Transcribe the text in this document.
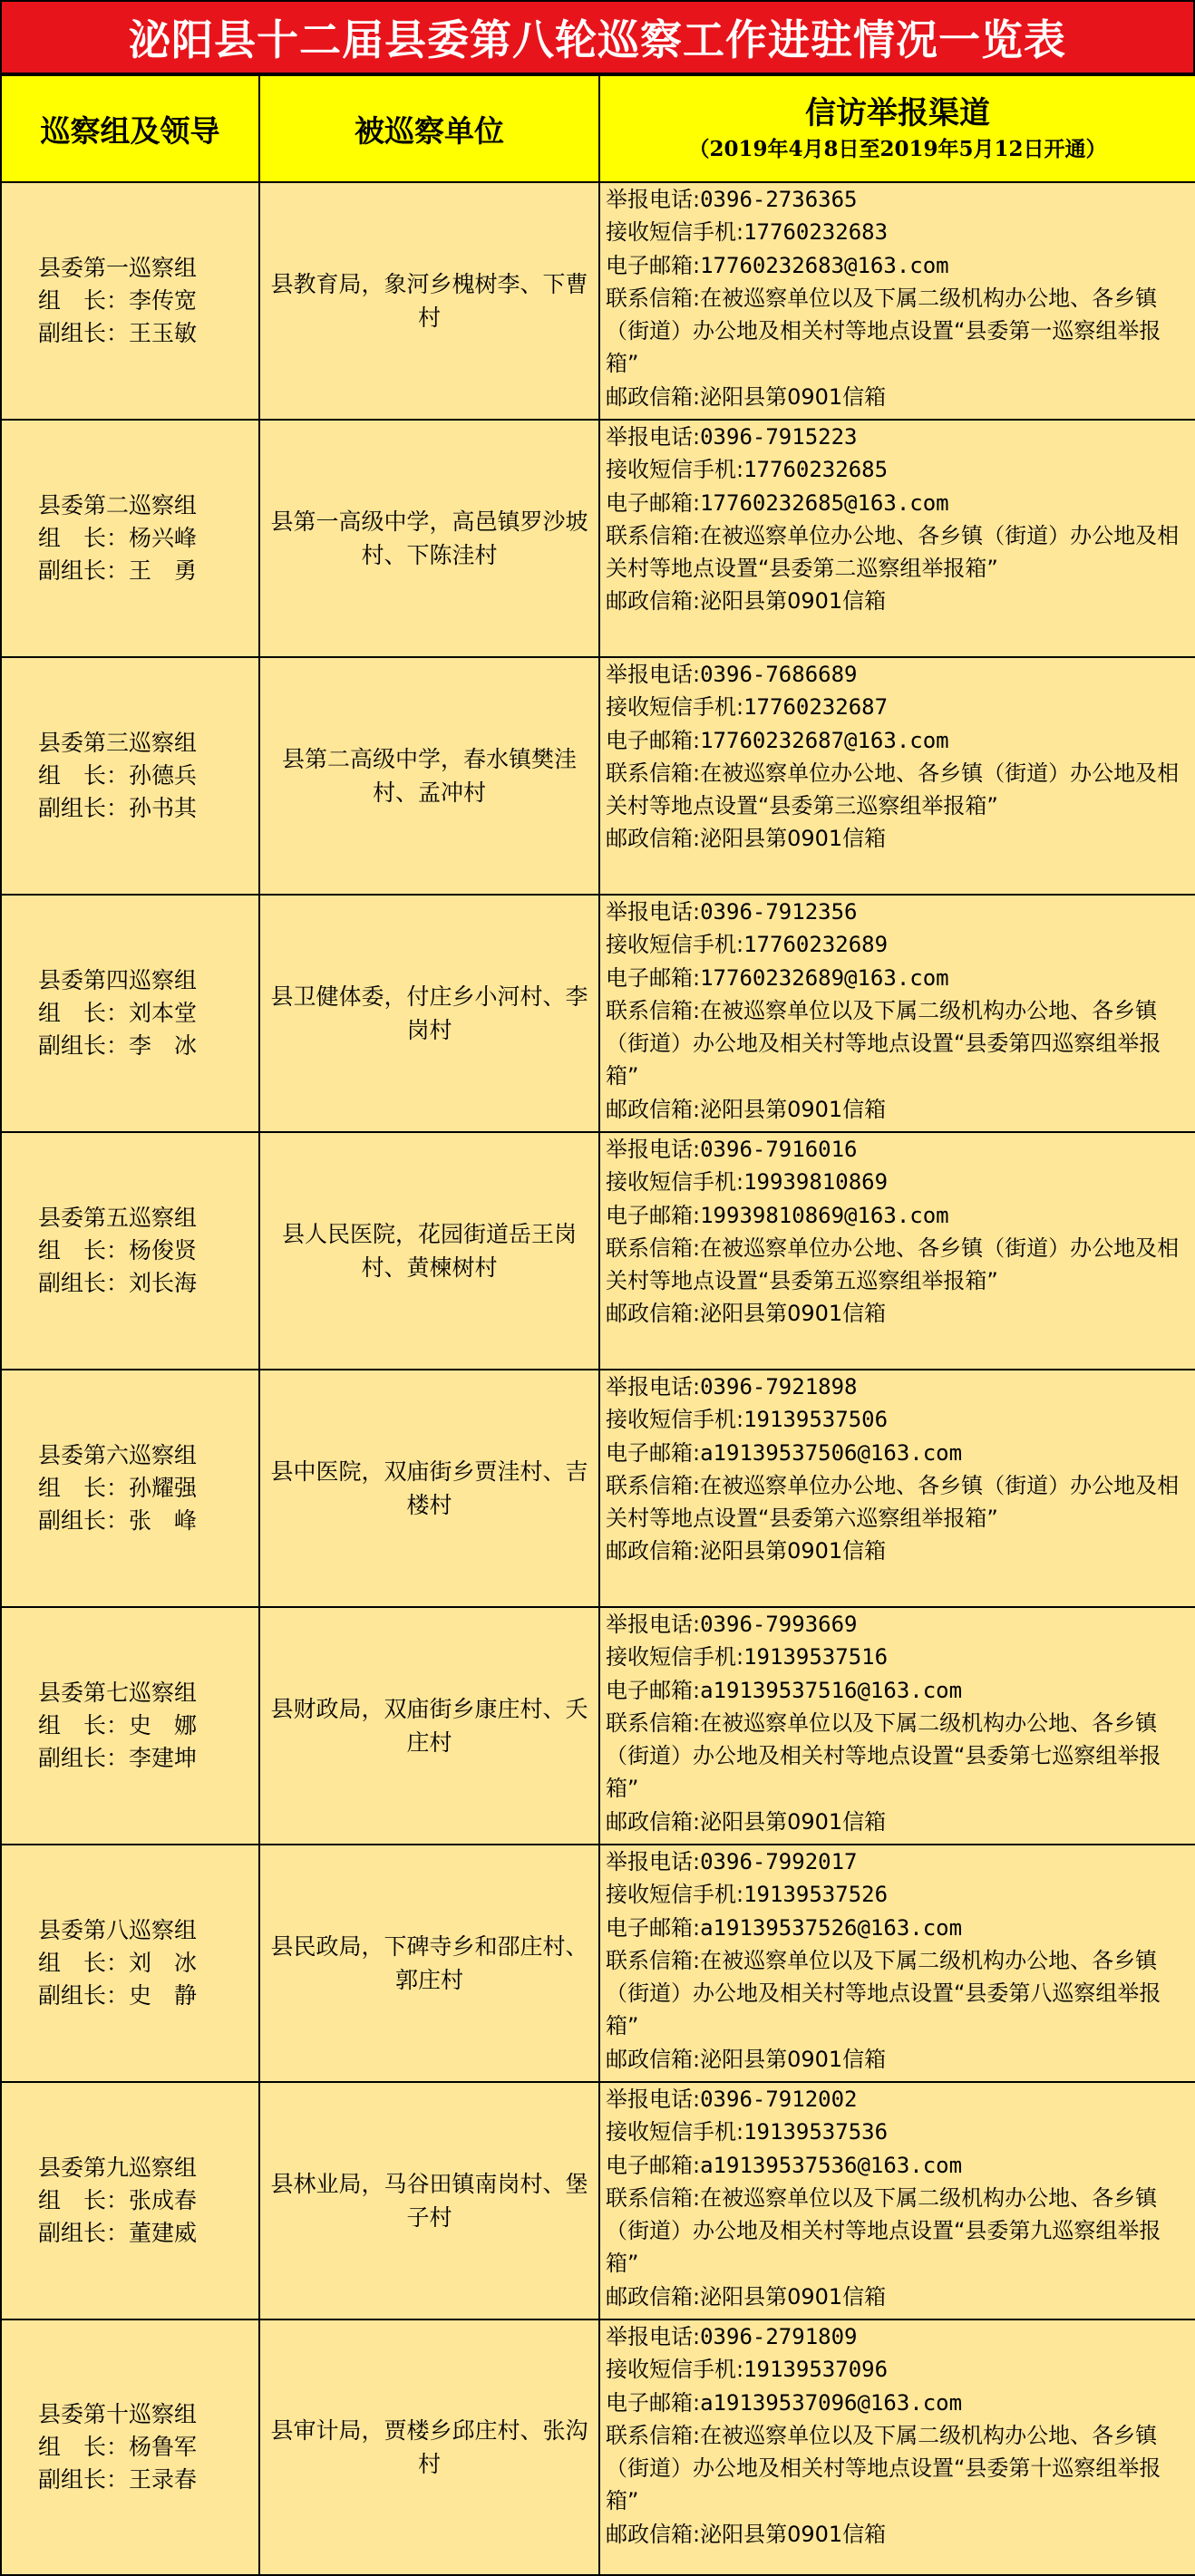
泌阳县十二届县委第八轮巡察工作进驻情况一览表
巡察组及领导	被巡察单位	信访举报渠道
（2019年4月8日至2019年5月12日开通）

县委第一巡察组
组　长：李传宽
副组长：王玉敏	县教育局，象河乡槐树李、下曹村	举报电话:0396-2736365
接收短信手机:17760232683
电子邮箱:17760232683@163.com
联系信箱:在被巡察单位以及下属二级机构办公地、各乡镇（街道）办公地及相关村等地点设置“县委第一巡察组举报箱”
邮政信箱:泌阳县第0901信箱

县委第二巡察组
组　长：杨兴峰
副组长：王　勇	县第一高级中学，高邑镇罗沙坡村、下陈洼村	举报电话:0396-7915223
接收短信手机:17760232685
电子邮箱:17760232685@163.com
联系信箱:在被巡察单位办公地、各乡镇（街道）办公地及相关村等地点设置“县委第二巡察组举报箱”
邮政信箱:泌阳县第0901信箱

县委第三巡察组
组　长：孙德兵
副组长：孙书其	县第二高级中学，春水镇樊洼村、孟冲村	举报电话:0396-7686689
接收短信手机:17760232687
电子邮箱:17760232687@163.com
联系信箱:在被巡察单位办公地、各乡镇（街道）办公地及相关村等地点设置“县委第三巡察组举报箱”
邮政信箱:泌阳县第0901信箱

县委第四巡察组
组　长：刘本堂
副组长：李　冰	县卫健体委，付庄乡小河村、李岗村	举报电话:0396-7912356
接收短信手机:17760232689
电子邮箱:17760232689@163.com
联系信箱:在被巡察单位以及下属二级机构办公地、各乡镇（街道）办公地及相关村等地点设置“县委第四巡察组举报箱”
邮政信箱:泌阳县第0901信箱

县委第五巡察组
组　长：杨俊贤
副组长：刘长海	县人民医院，花园街道岳王岗村、黄楝树村	举报电话:0396-7916016
接收短信手机:19939810869
电子邮箱:19939810869@163.com
联系信箱:在被巡察单位办公地、各乡镇（街道）办公地及相关村等地点设置“县委第五巡察组举报箱”
邮政信箱:泌阳县第0901信箱

县委第六巡察组
组　长：孙耀强
副组长：张　峰	县中医院，双庙街乡贾洼村、吉楼村	举报电话:0396-7921898
接收短信手机:19139537506
电子邮箱:a19139537506@163.com
联系信箱:在被巡察单位办公地、各乡镇（街道）办公地及相关村等地点设置“县委第六巡察组举报箱”
邮政信箱:泌阳县第0901信箱

县委第七巡察组
组　长：史　娜
副组长：李建坤	县财政局，双庙街乡康庄村、夭庄村	举报电话:0396-7993669
接收短信手机:19139537516
电子邮箱:a19139537516@163.com
联系信箱:在被巡察单位以及下属二级机构办公地、各乡镇（街道）办公地及相关村等地点设置“县委第七巡察组举报箱”
邮政信箱:泌阳县第0901信箱

县委第八巡察组
组　长：刘　冰
副组长：史　静	县民政局，下碑寺乡和邵庄村、郭庄村	举报电话:0396-7992017
接收短信手机:19139537526
电子邮箱:a19139537526@163.com
联系信箱:在被巡察单位以及下属二级机构办公地、各乡镇（街道）办公地及相关村等地点设置“县委第八巡察组举报箱”
邮政信箱:泌阳县第0901信箱

县委第九巡察组
组　长：张成春
副组长：董建威	县林业局，马谷田镇南岗村、堡子村	举报电话:0396-7912002
接收短信手机:19139537536
电子邮箱:a19139537536@163.com
联系信箱:在被巡察单位以及下属二级机构办公地、各乡镇（街道）办公地及相关村等地点设置“县委第九巡察组举报箱”
邮政信箱:泌阳县第0901信箱

县委第十巡察组
组　长：杨鲁军
副组长：王录春	县审计局，贾楼乡邱庄村、张沟村	举报电话:0396-2791809
接收短信手机:19139537096
电子邮箱:a19139537096@163.com
联系信箱:在被巡察单位以及下属二级机构办公地、各乡镇（街道）办公地及相关村等地点设置“县委第十巡察组举报箱”
邮政信箱:泌阳县第0901信箱
